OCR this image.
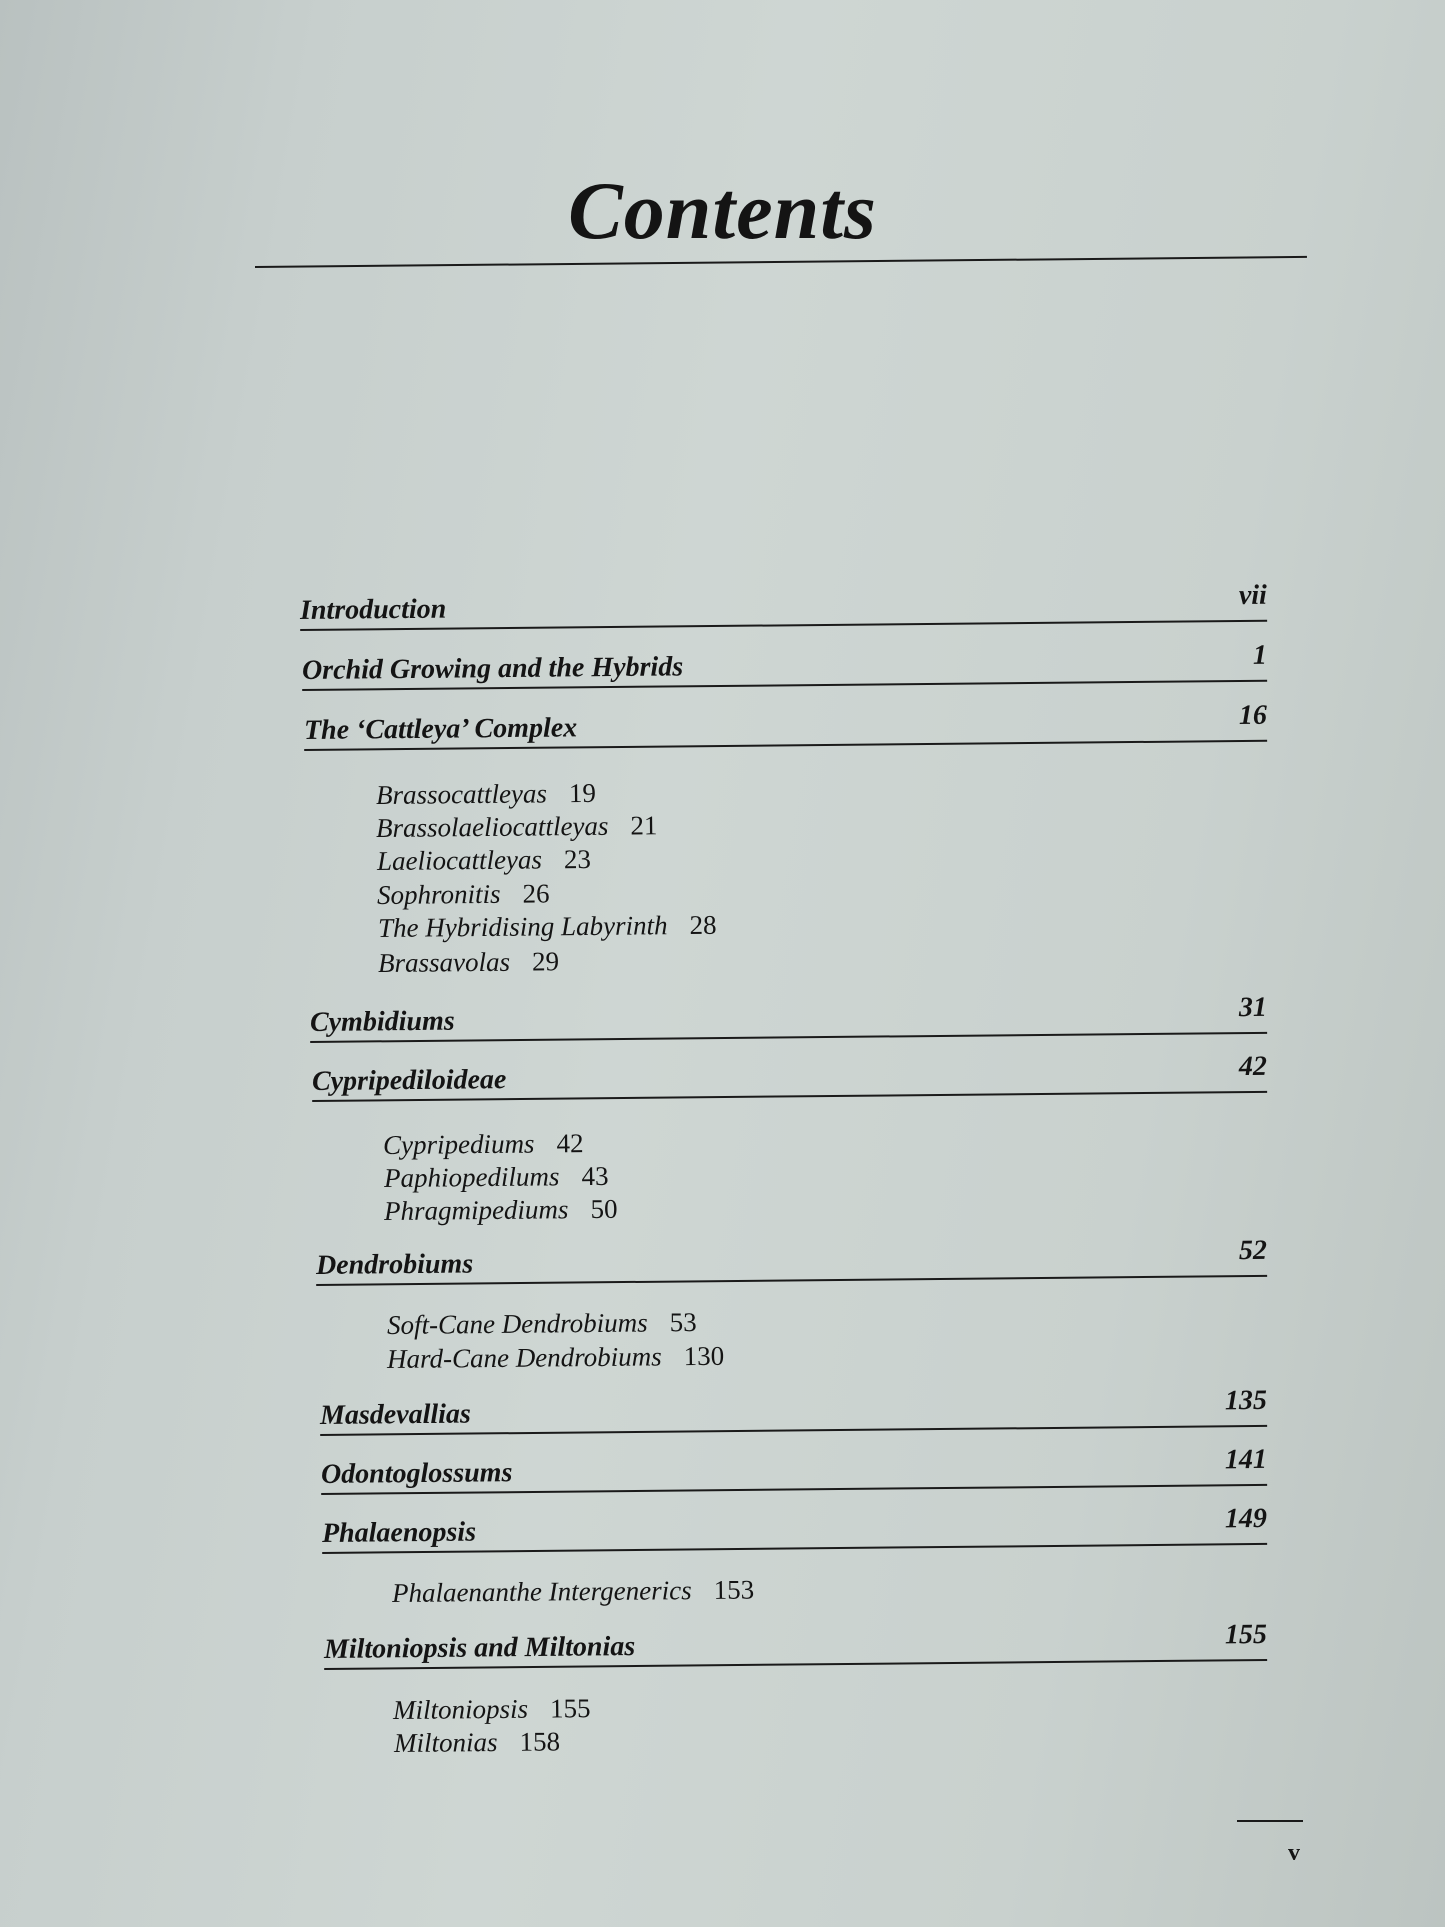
Contents
Introduction	vii
Orchid Growing and the Hybrids	1
The ‘Cattleya’ Complex	16
Brassocattleyas 19
Brassolaeliocattleyas 21
Laeliocattleyas 23
Sophronitis 26
The Hybridising Labyrinth 28
Brassavolas 29
Cymbidiums	31
Cypripediloideae	42
Cypripediums 42
Paphiopedilums 43
Phragmipediums 50
Dendrobiums	52
Soft-Cane Dendrobiums 53
Hard-Cane Dendrobiums 130
Masdevallias	135
Odontoglossums	141
Phalaenopsis	149
Phalaenanthe Intergenerics 153
Miltoniopsis and Miltonias	155
Miltoniopsis 155
Miltonias 158
v
